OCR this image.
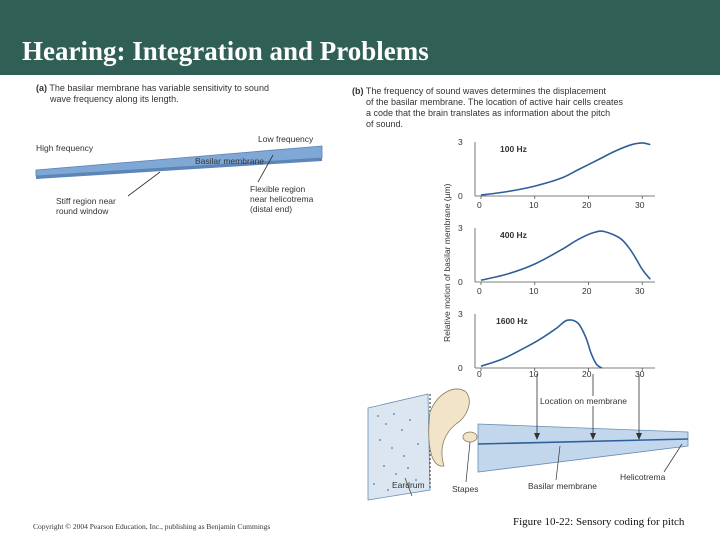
Hearing: Integration and Problems
(a) The basilar membrane has variable sensitivity to sound
wave frequency along its length.
High frequency
Low frequency
Basilar membrane
Stiff region near
round window
Flexible region
near helicotrema
(distal end)
(b) The frequency of sound waves determines the displacement
of the basilar membrane. The location of active hair cells creates
a code that the brain translates as information about the pitch
of sound.
Relative motion of basilar membrane (µm)
100 Hz
400 Hz
1600 Hz
3
0
3
0
3
0
0	10	20	30
0	10	20	30
0	10	20	30
Location on membrane
Eardrum	Stapes	Basilar membrane
Helicotrema
Copyright © 2004 Pearson Education, Inc., publishing as Benjamin Cummings	Figure 10-22: Sensory coding for pitch
